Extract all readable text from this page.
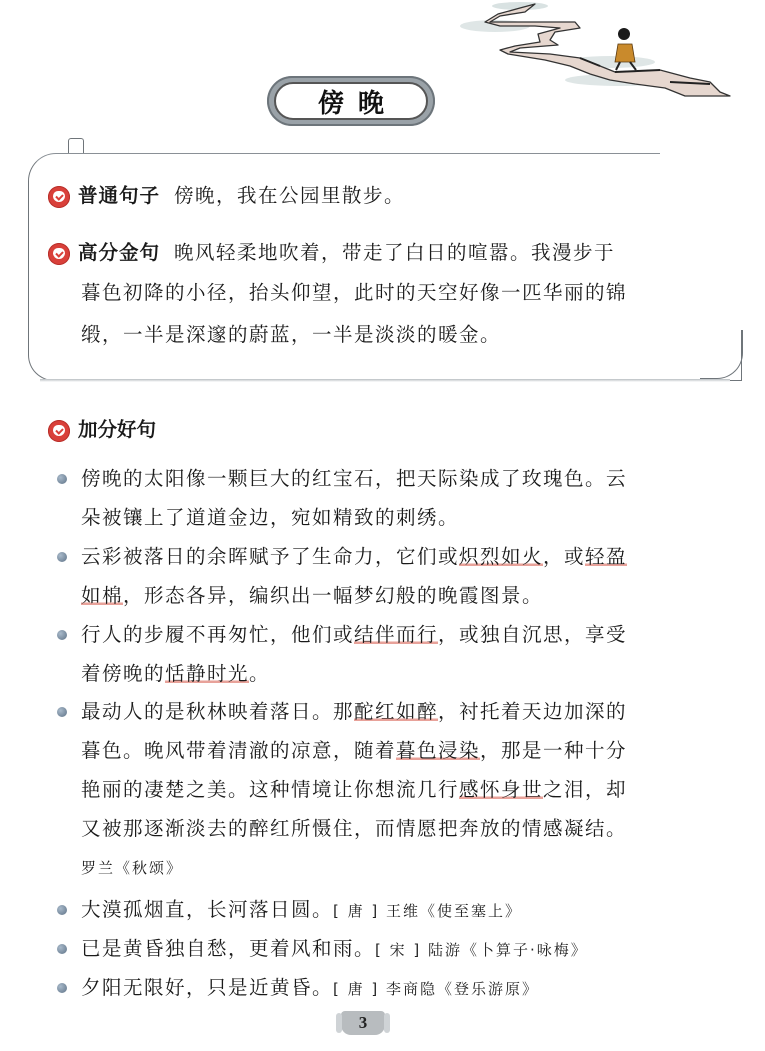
傍晚
普通句子 傍晚，我在公园里散步。
高分金句 晚风轻柔地吹着，带走了白日的喧嚣。我漫步于
暮色初降的小径，抬头仰望，此时的天空好像一匹华丽的锦
缎，一半是深邃的蔚蓝，一半是淡淡的暖金。
加分好句
傍晚的太阳像一颗巨大的红宝石，把天际染成了玫瑰色。云
朵被镶上了道道金边，宛如精致的刺绣。
云彩被落日的余晖赋予了生命力，它们或炽烈如火，或轻盈
如棉，形态各异，编织出一幅梦幻般的晚霞图景。
行人的步履不再匆忙，他们或结伴而行，或独自沉思，享受
着傍晚的恬静时光。
最动人的是秋林映着落日。那酡红如醉，衬托着天边加深的
暮色。晚风带着清澈的凉意，随着暮色浸染，那是一种十分
艳丽的凄楚之美。这种情境让你想流几行感怀身世之泪，却
又被那逐渐淡去的醉红所慑住，而情愿把奔放的情感凝结。
罗兰《秋颂》
大漠孤烟直，长河落日圆。[ 唐 ] 王维《使至塞上》
已是黄昏独自愁，更着风和雨。[ 宋 ] 陆游《卜算子·咏梅》
夕阳无限好，只是近黄昏。[ 唐 ] 李商隐《登乐游原》
3
